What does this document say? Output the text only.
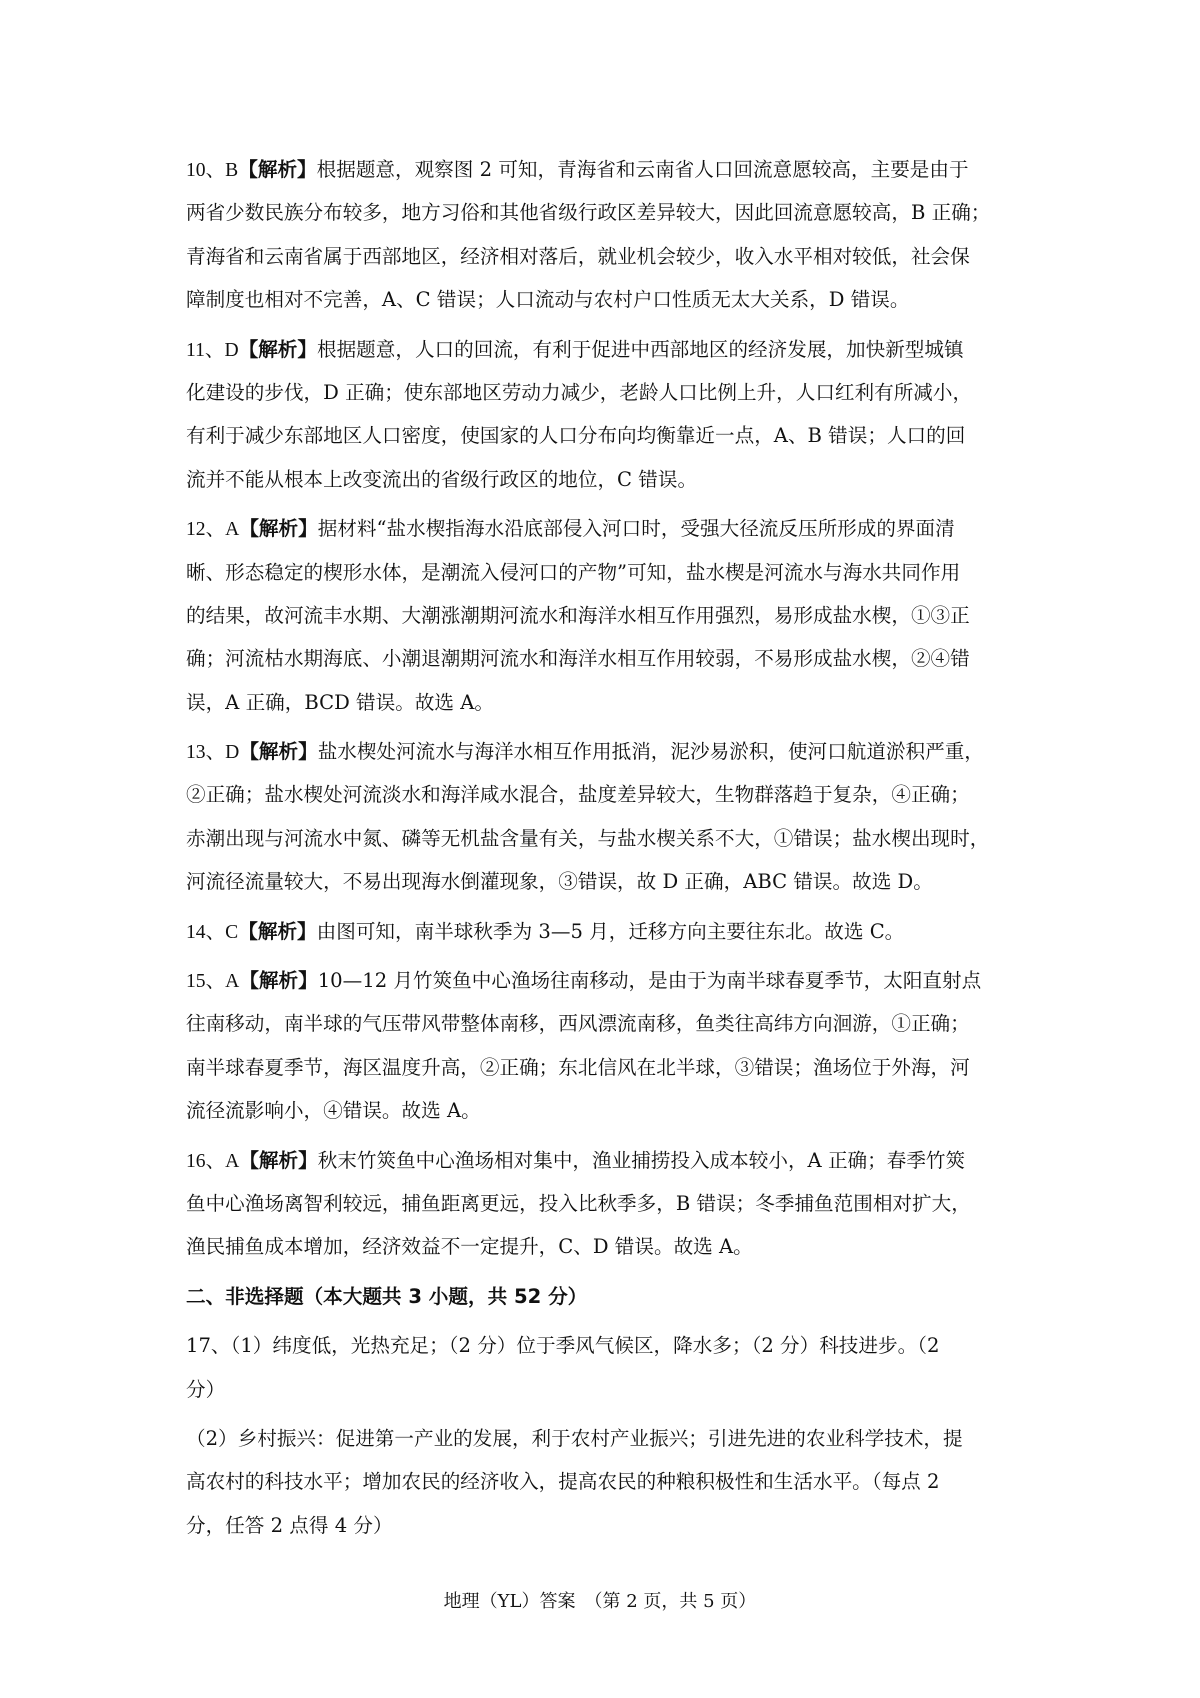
10、B【解析】根据题意，观察图 2 可知，青海省和云南省人口回流意愿较高，主要是由于
两省少数民族分布较多，地方习俗和其他省级行政区差异较大，因此回流意愿较高，B 正确；
青海省和云南省属于西部地区，经济相对落后，就业机会较少，收入水平相对较低，社会保
障制度也相对不完善，A、C 错误；人口流动与农村户口性质无太大关系，D 错误。
11、D【解析】根据题意，人口的回流，有利于促进中西部地区的经济发展，加快新型城镇
化建设的步伐，D 正确；使东部地区劳动力减少，老龄人口比例上升，人口红利有所减小，
有利于减少东部地区人口密度，使国家的人口分布向均衡靠近一点，A、B 错误；人口的回
流并不能从根本上改变流出的省级行政区的地位，C 错误。
12、A【解析】据材料“盐水楔指海水沿底部侵入河口时，受强大径流反压所形成的界面清
晰、形态稳定的楔形水体，是潮流入侵河口的产物”可知，盐水楔是河流水与海水共同作用
的结果，故河流丰水期、大潮涨潮期河流水和海洋水相互作用强烈，易形成盐水楔，①③正
确；河流枯水期海底、小潮退潮期河流水和海洋水相互作用较弱，不易形成盐水楔，②④错
误，A 正确，BCD 错误。故选 A。
13、D【解析】盐水楔处河流水与海洋水相互作用抵消，泥沙易淤积，使河口航道淤积严重，
②正确；盐水楔处河流淡水和海洋咸水混合，盐度差异较大，生物群落趋于复杂，④正确；
赤潮出现与河流水中氮、磷等无机盐含量有关，与盐水楔关系不大，①错误；盐水楔出现时，
河流径流量较大，不易出现海水倒灌现象，③错误，故 D 正确，ABC 错误。故选 D。
14、C【解析】由图可知，南半球秋季为 3—5 月，迁移方向主要往东北。故选 C。
15、A【解析】10—12 月竹筴鱼中心渔场往南移动，是由于为南半球春夏季节，太阳直射点
往南移动，南半球的气压带风带整体南移，西风漂流南移，鱼类往高纬方向洄游，①正确；
南半球春夏季节，海区温度升高，②正确；东北信风在北半球，③错误；渔场位于外海，河
流径流影响小，④错误。故选 A。
16、A【解析】秋末竹筴鱼中心渔场相对集中，渔业捕捞投入成本较小，A 正确；春季竹筴
鱼中心渔场离智利较远，捕鱼距离更远，投入比秋季多，B 错误；冬季捕鱼范围相对扩大，
渔民捕鱼成本增加，经济效益不一定提升，C、D 错误。故选 A。
二、非选择题（本大题共 3 小题，共 52 分）
17、（1）纬度低，光热充足；（2 分）位于季风气候区，降水多；（2 分）科技进步。（2
分）
（2）乡村振兴：促进第一产业的发展，利于农村产业振兴；引进先进的农业科学技术，提
高农村的科技水平；增加农民的经济收入，提高农民的种粮积极性和生活水平。（每点 2
分，任答 2 点得 4 分）
地理（YL）答案　（第 2 页，共 5 页）
